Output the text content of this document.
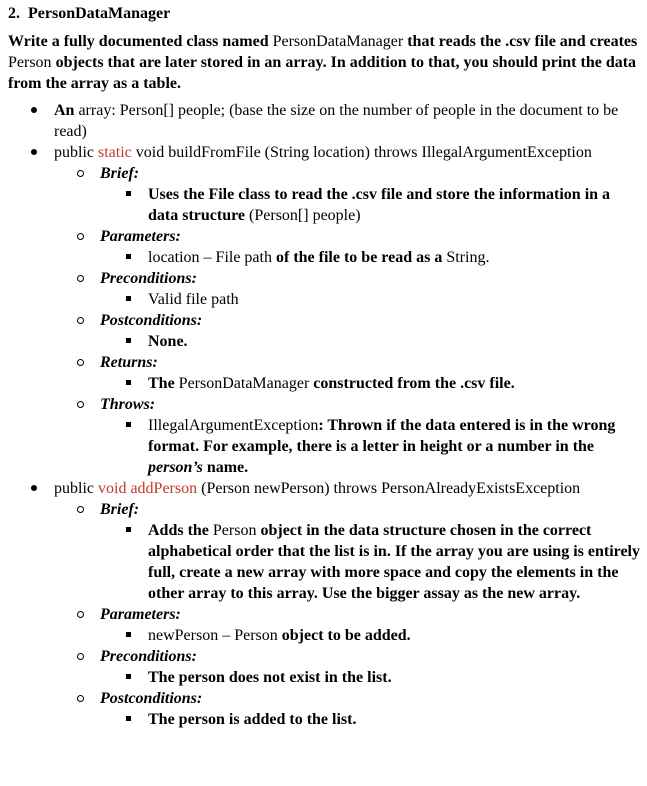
2. PersonDataManager
Write a fully documented class named PersonDataManager that reads the .csv file and creates Person objects that are later stored in an array. In addition to that, you should print the data from the array as a table.
An array: Person[] people; (base the size on the number of people in the document to be read)
public static void buildFromFile (String location) throws IllegalArgumentException
Brief:
Uses the File class to read the .csv file and store the information in a data structure (Person[] people)
Parameters:
location – File path of the file to be read as a String.
Preconditions:
Valid file path
Postconditions:
None.
Returns:
The PersonDataManager constructed from the .csv file.
Throws:
IllegalArgumentException: Thrown if the data entered is in the wrong format. For example, there is a letter in height or a number in the person’s name.
public void addPerson (Person newPerson) throws PersonAlreadyExistsException
Brief:
Adds the Person object in the data structure chosen in the correct alphabetical order that the list is in. If the array you are using is entirely full, create a new array with more space and copy the elements in the other array to this array. Use the bigger assay as the new array.
Parameters:
newPerson – Person object to be added.
Preconditions:
The person does not exist in the list.
Postconditions:
The person is added to the list.
